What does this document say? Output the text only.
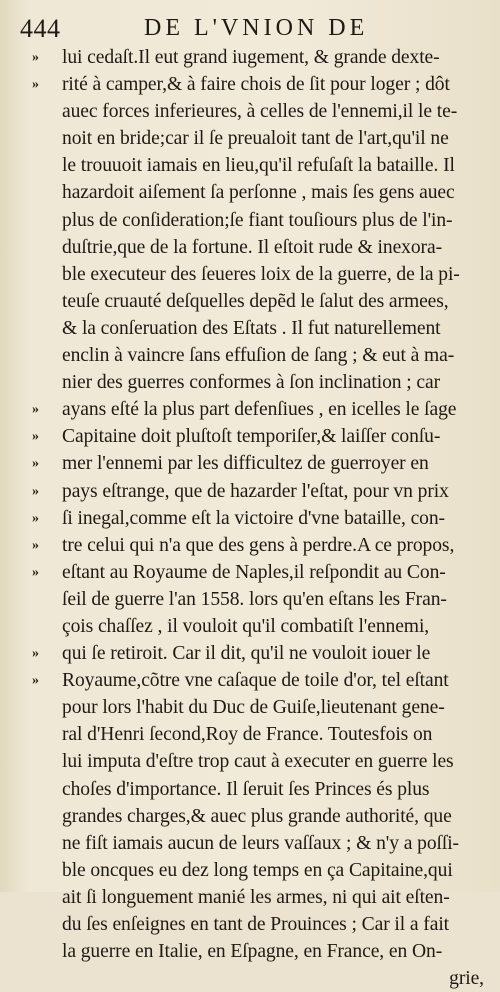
444	DE L'VNION DE
» lui cedaſt.Il eut grand iugement, & grande dexte-
» rité à camper,& à faire chois de ſit pour loger ; dôt
auec forces inferieures, à celles de l'ennemi,il le te-
noit en bride;car il ſe preualoit tant de l'art,qu'il ne
le trouuoit iamais en lieu,qu'il refuſaſt la bataille. Il
hazardoit aiſement ſa perſonne , mais ſes gens auec
plus de conſideration;ſe fiant touſiours plus de l'in-
duſtrie,que de la fortune. Il eſtoit rude & inexora-
ble executeur des ſeueres loix de la guerre, de la pi-
teuſe cruauté deſquelles depẽd le ſalut des armees,
& la conſeruation des Eſtats . Il fut naturellement
enclin à vaincre ſans effuſion de ſang ; & eut à ma-
nier des guerres conformes à ſon inclination ; car
» ayans eſté la plus part defenſiues , en icelles le ſage
» Capitaine doit pluſtoſt temporiſer,& laiſſer conſu-
» mer l'ennemi par les difficultez de guerroyer en
» pays eſtrange, que de hazarder l'eſtat, pour vn prix
» ſi inegal,comme eſt la victoire d'vne bataille, con-
» tre celui qui n'a que des gens à perdre.A ce propos,
» eſtant au Royaume de Naples,il reſpondit au Con-
ſeil de guerre l'an 1558. lors qu'en eſtans les Fran-
çois chaſſez , il vouloit qu'il combatiſt l'ennemi,
» qui ſe retiroit. Car il dit, qu'il ne vouloit iouer le
» Royaume,cõtre vne caſaque de toile d'or, tel eſtant
pour lors l'habit du Duc de Guiſe,lieutenant gene-
ral d'Henri ſecond,Roy de France. Toutesfois on
lui imputa d'eſtre trop caut à executer en guerre les
choſes d'importance. Il ſeruit ſes Princes és plus
grandes charges,& auec plus grande authorité, que
ne fiſt iamais aucun de leurs vaſſaux ; & n'y a poſſi-
ble oncques eu dez long temps en ça Capitaine,qui
ait ſi longuement manié les armes, ni qui ait eſten-
du ſes enſeignes en tant de Prouinces ; Car il a fait
la guerre en Italie, en Eſpagne, en France, en On-
grie,
